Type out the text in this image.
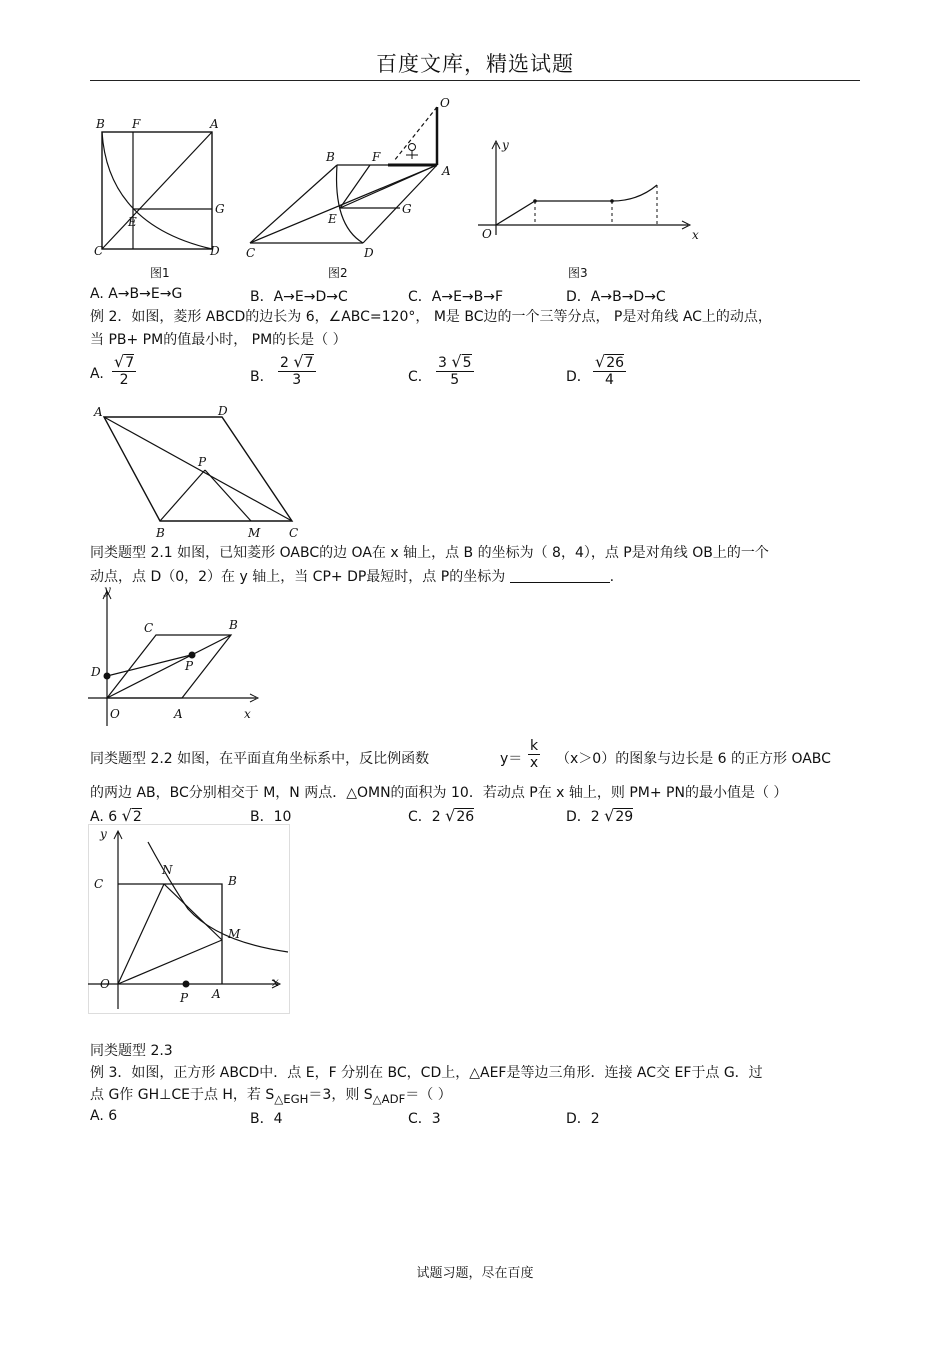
百度文库，精选试题
B F	A
E
G
C	D
图1
O
B	F
A
E
G
C	D
图2
y
O	x
图3
A. A→B→E→G	B．A→E→D→C	C．A→E→B→F	D．A→B→D→C
例 2．如图，菱形 ABCD的边长为 6，∠ABC=120°， M是 BC边的一个三等分点， P是对角线 AC上的动点，
当 PB+ PM的值最小时， PM的长是（ ）
A. $\frac{√7}{2}$	B． $\frac{2 √7}{3}$	C． $\frac{3 √5}{5}$	D． $\frac{√26}{4}$
A	D
P
B	M C
同类题型 2.1 如图，已知菱形 OABC的边 OA在 x 轴上，点 B 的坐标为（ 8，4），点 P是对角线 OB上的一个
动点，点 D（0，2）在 y 轴上，当 CP+ DP最短时，点 P的坐标为	.
y
C	B
D	P
O	A	x
同类题型 2.2 如图，在平面直角坐标系中，反比例函数	$y= \frac{k}{x} (x>0)$的图象与边长是 6 的正方形 OABC
的两边 AB，BC分别相交于 M，N 两点．△OMN的面积为 10．若动点 P在 x 轴上，则 PM+ PN的最小值是（ ）
A. 6 √2	B．10	C．2 √26	D．2 √29
y
C
N
B
M
O
P A
x
同类题型 2.3
例 3．如图，正方形 ABCD中．点 E，F 分别在 BC，CD上，△AEF是等边三角形．连接 AC交 EF于点 G．过
点 G作 GH⊥CE于点 H，若 $S_{\triangle EGH}=3$，则 $S_{\triangle ADF}=$（ ）
A. 6	B．4	C．3	D．2
试题习题，尽在百度
